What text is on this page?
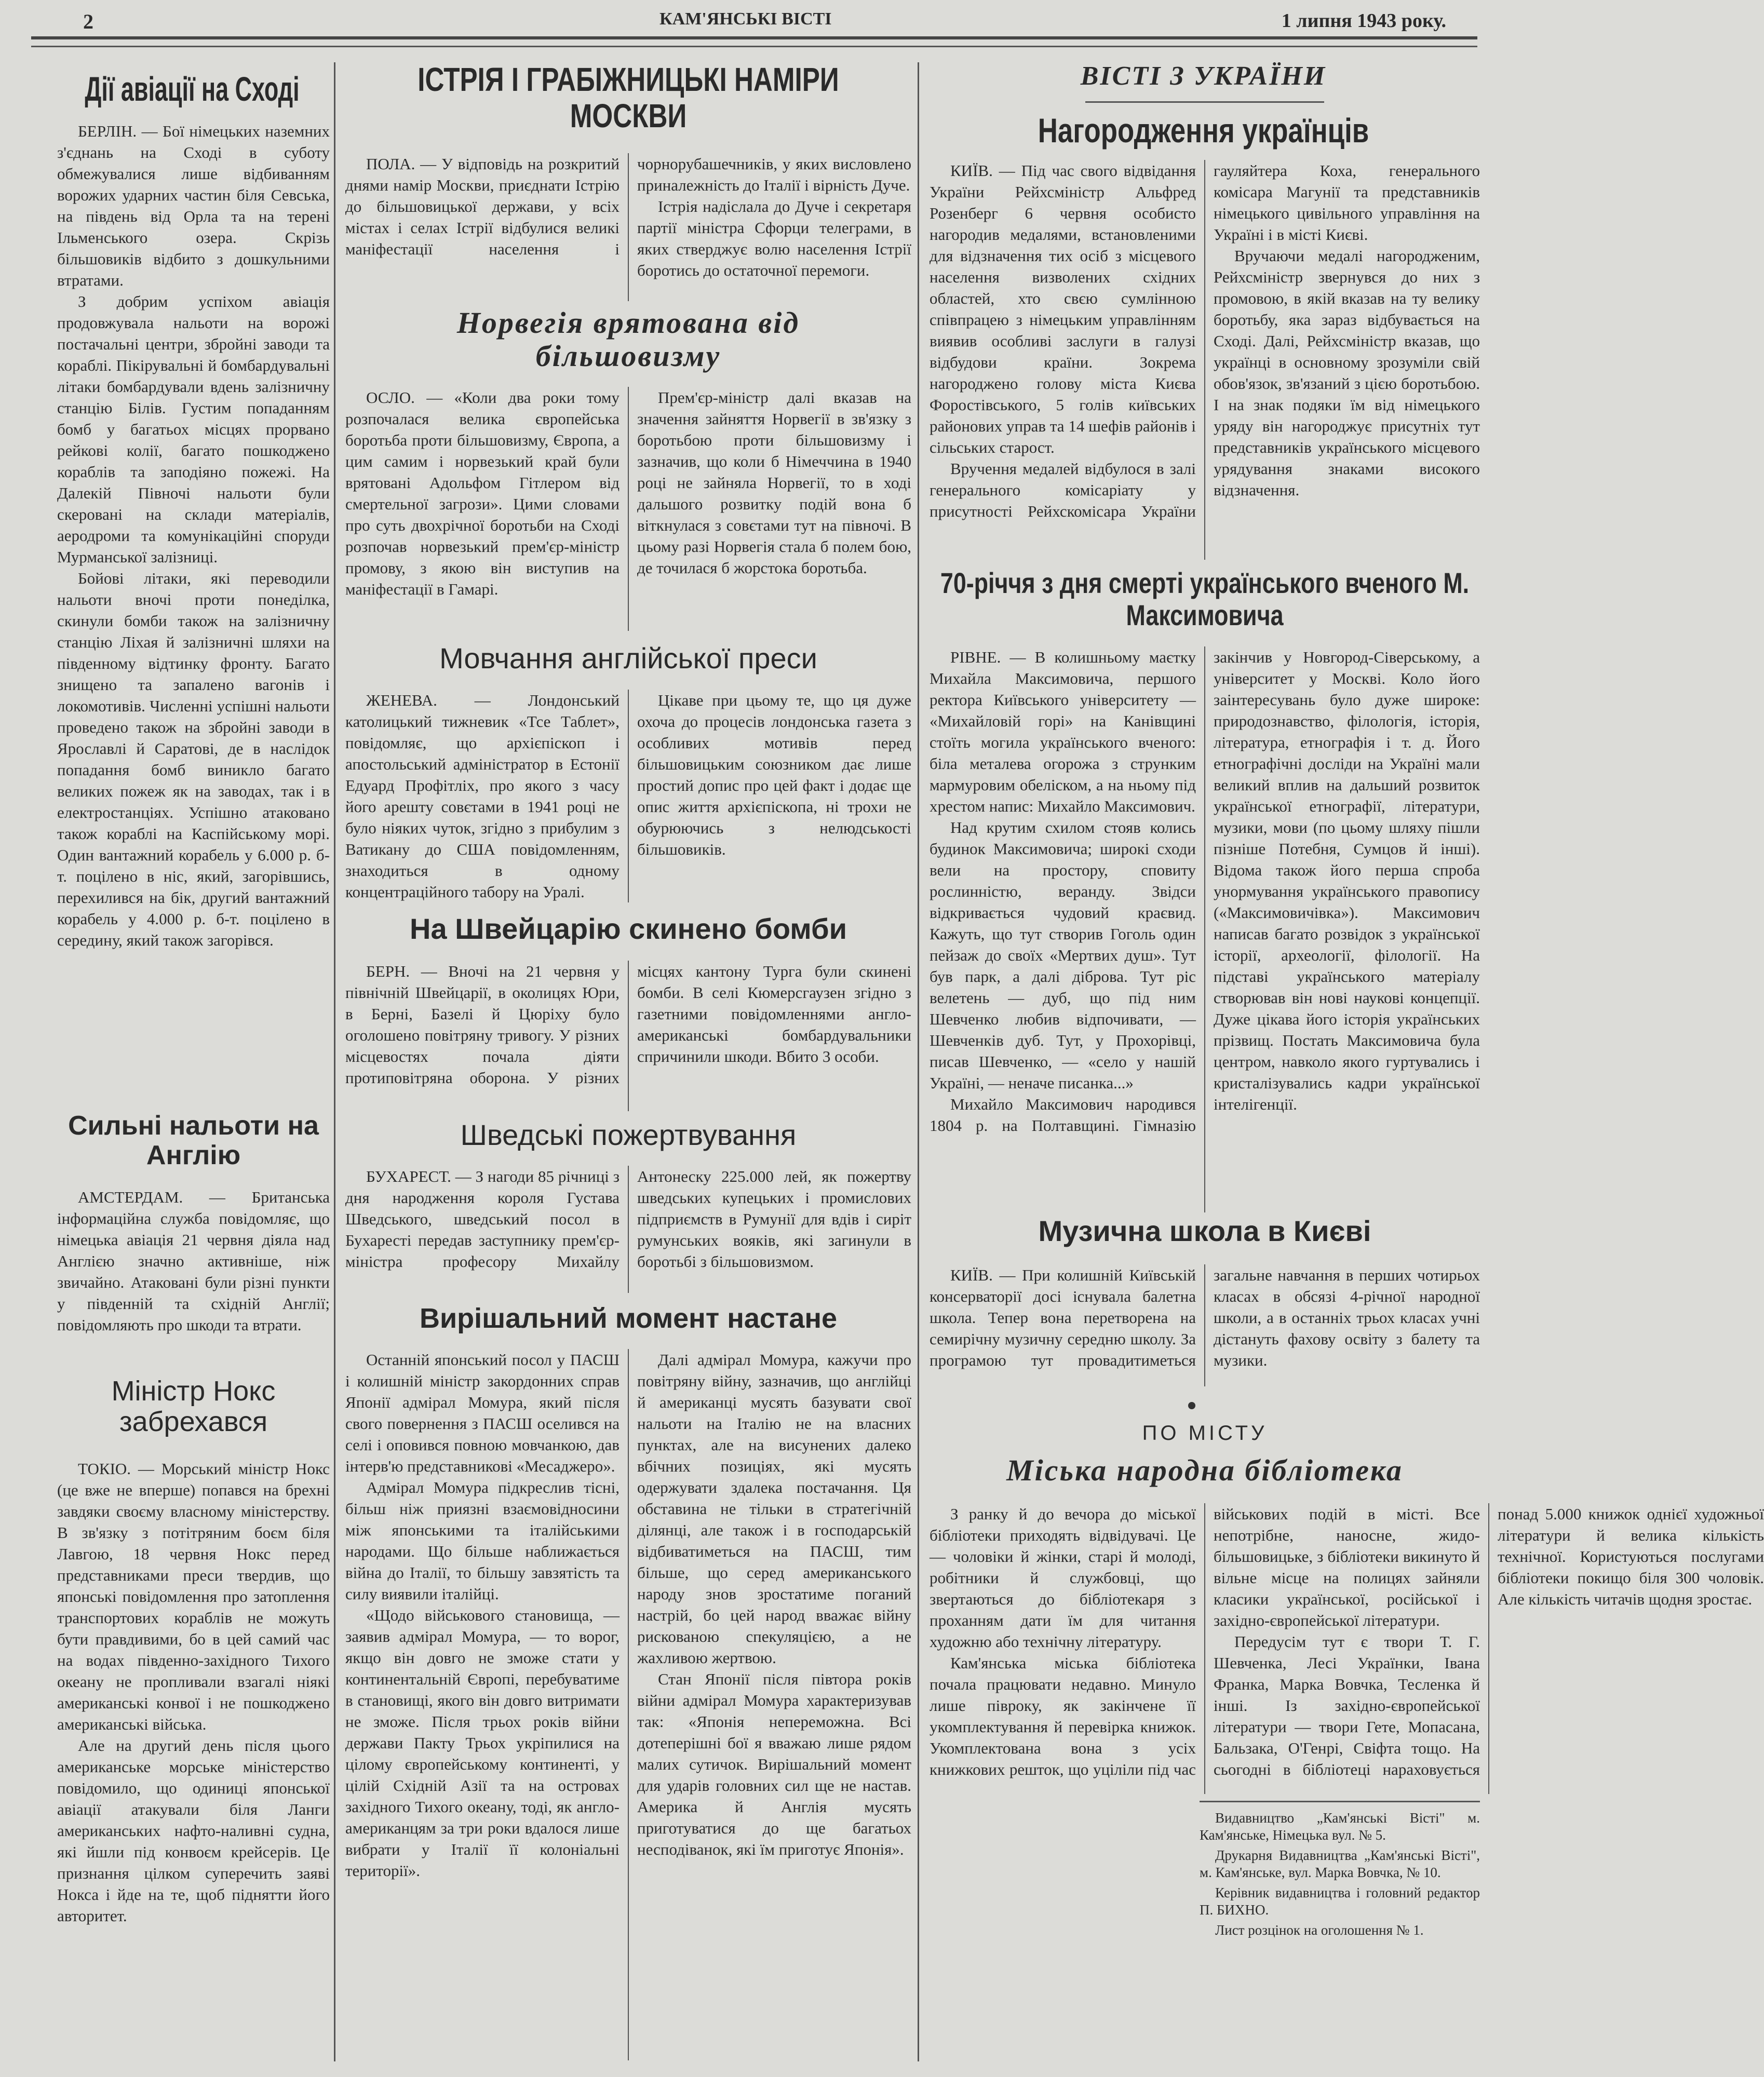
2	КАМ'ЯНСЬКІ ВІСТІ	1 липня 1943 року.
Дії авіації на Сході

БЕРЛІН. — Бої німецьких наземних з'єднань на Сході в суботу обмежувалися лише відбиванням ворожих ударних частин біля Севська, на південь від Орла та на терені Ільменського озера. Скрізь більшовиків відбито з дошкульними втратами.

З добрим успіхом авіація продовжувала нальоти на ворожі постачальні центри, збройні заводи та кораблі. Пікірувальні й бомбардувальні літаки бомбардували вдень залізничну станцію Білів. Густим попаданням бомб у багатьох місцях прорвано рейкові колії, багато пошкоджено кораблів та заподіяно пожежі. На Далекій Півночі нальоти були скеровані на склади матеріалів, аеродроми та комунікаційні споруди Мурманської залізниці.

Бойові літаки, які переводили нальоти вночі проти понеділка, скинули бомби також на залізничну станцію Ліхая й залізничні шляхи на південному відтинку фронту. Багато знищено та запалено вагонів і локомотивів. Численні успішні нальоти проведено також на збройні заводи в Ярославлі й Саратові, де в наслідок попадання бомб виникло багато великих пожеж як на заводах, так і в електростанціях. Успішно атаковано також кораблі на Каспійському морі. Один вантажний корабель у 6.000 р. б-т. поцілено в ніс, який, загорівшись, перехилився на бік, другий вантажний корабель у 4.000 р. б-т. поцілено в середину, який також загорівся.

Сильні нальоти на Англію

АМСТЕРДАМ. — Британська інформаційна служба повідомляє, що німецька авіація 21 червня діяла над Англією значно активніше, ніж звичайно. Атакованi були різні пункти у південній та східній Англії; повідомляють про шкоди та втрати.

Міністр Нокс забрехався

ТОКІО. — Морський міністр Нокс (це вже не вперше) попався на брехні завдяки своєму власному міністерству. В зв'язку з потітряним боєм біля Лавгою, 18 червня Нокс перед представниками преси твердив, що японські повідомлення про затоплення транспортових кораблів не можуть бути правдивими, бо в цей самий час на водах південно-західного Тихого океану не пропливали взагалі ніякі американські конвої і не пошкоджено американські війська.

Але на другий день після цього американське морське міністерство повідомило, що одиниці японської авіації атакували біля Ланги американських нафто-наливні судна, які йшли під конвоєм крейсерів. Це признання цілком суперечить заяві Нокса і йде на те, щоб піднятти його авторитет.

ІСТРІЯ І ГРАБІЖНИЦЬКІ НАМІРИ МОСКВИ

ПОЛА. — У відповідь на розкритий днями намір Москви, приєднати Істрію до більшовицької держави, у всіх містах і селах Істрії відбулися великі маніфестації населення і чорнорубашечників, у яких висловлено приналежність до Італії і вірність Дуче.

Істрія надіслала до Дуче і секретаря партії міністра Сфорци телеграми, в яких стверджує волю населення Істрії боротись до остаточної перемоги.

Норвегія врятована від більшовизму

ОСЛО. — «Коли два роки тому розпочалася велика європейська боротьба проти більшовизму, Європа, а цим самим і норвезький край були врятовані Адольфом Гітлером від смертельної загрози». Цими словами про суть двохрічної боротьби на Сході розпочав норвезький прем'єр-міністр промову, з якою він виступив на маніфестації в Гамарі.

Прем'єр-міністр далі вказав на значення зайняття Норвегії в зв'язку з боротьбою проти більшовизму і зазначив, що коли б Німеччина в 1940 році не зайняла Норвегії, то в ході дальшого розвитку подій вона б віткнулася з совєтами тут на півночі. В цьому разі Норвегія стала б полем бою, де точилася б жорстока боротьба.

Мовчання англійської преси

ЖЕНЕВА. — Лондонський католицький тижневик «Тсе Таблет», повідомляє, що архієпіскоп і апостольський адміністратор в Естонії Едуард Профітліх, про якого з часу його арешту совєтами в 1941 році не було ніяких чуток, згідно з прибулим з Ватикану до США повідомленням, знаходиться в одному концентраційного табору на Уралі.

Цікаве при цьому те, що ця дуже охоча до процесів лондонська газета з особливих мотивів перед більшовицьким союзником дає лише простий допис про цей факт і додає ще опис життя архієпіскопа, ні трохи не обурюючись з нелюдськості більшовиків.

На Швейцарію скинено бомби

БЕРН. — Вночі на 21 червня у північній Швейцарії, в околицях Юри, в Берні, Базелі й Цюріху було оголошено повітряну тривогу. У різних місцевостях почала діяти протиповітряна оборона. У різних місцях кантону Турга були скинені бомби. В селі Кюмерсгаузен згідно з газетними повідомленнями англо-американські бомбардувальники спричинили шкоди. Вбито 3 особи.

Шведські пожертвування

БУХАРЕСТ. — З нагоди 85 річниці з дня народження короля Густава Шведського, шведський посол в Бухаресті передав заступнику прем'єр-міністра професору Михайлу Антонеску 225.000 лей, як пожертву шведських купецьких і промислових підприємств в Румунії для вдів і сиріт румунських вояків, які загинули в боротьбі з більшовизмом.

Вирішальний момент настане

Останній японський посол у ПАСШ і колишній міністр закордонних справ Японії адмірал Момура, який після свого повернення з ПАСШ оселився на селі і оповився повною мовчанкою, дав інтерв'ю представникові «Месаджеро».

Адмірал Момура підкреслив тісні, більш ніж приязні взаємовідносини між японськими та італійськими народами. Що більше наближається війна до Італії, то більшу завзятість та силу виявили італійці.

«Щодо військового становища, — заявив адмірал Момура, — то ворог, якщо він довго не зможе стати у континентальній Європі, перебуватиме в становищі, якого він довго витримати не зможе. Після трьох років війни держави Пакту Трьох укріпилися на цілому європейському континенті, у цілій Східній Азії та на островах західного Тихого океану, тоді, як англо-американцям за три роки вдалося лише вибрати у Італії її колоніальні території».

Далі адмірал Момура, кажучи про повітряну війну, зазначив, що англійці й американці мусять базувати свої нальоти на Італію не на власних пунктах, але на висунених далеко вбічних позиціях, які мусять одержувати здалека постачання. Ця обставина не тільки в стратегічній ділянці, але також і в господарській відбиватиметься на ПАСШ, тим більше, що серед американського народу знов зростатиме поганий настрій, бо цей народ вважає війну рискованою спекуляцією, а не жахливою жертвою.

Стан Японії після півтора років війни адмірал Момура характеризував так: «Японія непереможна. Всі дотеперішні бої я вважаю лише рядом малих сутичок. Вирішальний момент для ударів головних сил ще не настав. Америка й Англія мусять приготуватися до ще багатьох несподіванок, які їм приготує Японія».

ВІСТІ З УКРАЇНИ
Нагородження українців

КИЇВ. — Під час свого відвідання України Рейхсміністр Альфред Розенберг 6 червня особисто нагородив медалями, встановленими для відзначення тих осіб з місцевого населення визволених східних областей, хто свєю сумлінною співпрацею з німецьким управлінням виявив особливі заслуги в галузі відбудови країни. Зокрема нагороджено голову міста Києва Форостівського, 5 голів київських районових управ та 14 шефів районів і сільських старост.

Вручення медалей відбулося в залі генерального комісаріату у присутності Рейхскомісара України гауляйтера Коха, генерального комісара Магунії та представників німецького цивільного управління на Україні і в місті Києві.

Вручаючи медалі нагородженим, Рейхсміністр звернувся до них з промовою, в якій вказав на ту велику боротьбу, яка зараз відбувається на Сході. Далі, Рейхсміністр вказав, що українці в основному зрозуміли свій обов'язок, зв'язаний з цією боротьбою. І на знак подяки їм від німецького уряду він нагороджує присутніх тут представників українського місцевого урядування знаками високого відзначення.

70-річчя з дня смерті українського вченого М. Максимовича

РІВНЕ. — В колишньому маєтку Михайла Максимовича, першого ректора Київського університету — «Михайловій горі» на Канівщині стоїть могила українського вченого: біла металева огорожа з струнким мармуровим обеліском, а на ньому під хрестом напис: Михайло Максимович.

Над крутим схилом стояв колись будинок Максимовича; широкі сходи вели на простору, сповиту рослинністю, веранду. Звідси відкривається чудовий краєвид. Кажуть, що тут створив Гоголь один пейзаж до своїх «Мертвих душ». Тут був парк, а далі діброва. Тут ріс велетень — дуб, що під ним Шевченко любив відпочивати, — Шевченків дуб. Тут, у Прохорівці, писав Шевченко, — «село у нашій Україні, — неначе писанка...»

Михайло Максимович народився 1804 р. на Полтавщині. Гімназію закінчив у Новгород-Сіверському, а університет у Москві. Коло його заінтересувань було дуже широке: природознавство, філологія, історія, література, етнографія і т. д. Його етнографічні досліди на Україні мали великий вплив на дальший розвиток української етнографії, літератури, музики, мови (по цьому шляху пішли пізніше Потебня, Сумцов й інші). Відома також його перша спроба унормування українського правопису («Максимовичівка»). Максимович написав багато розвідок з української історії, археології, філології. На підставі українського матеріалу створював він нові наукові концепції. Дуже цікава його історія українських прізвищ. Постать Максимовича була центром, навколо якого гуртувались і кристалізувались кадри української інтелігенції.

Музична школа в Києві

КИЇВ. — При колишній Київській консерваторії досі існувала балетна школа. Тепер вона перетворена на семирічну музичну середню школу. За програмою тут провадитиметься загальне навчання в перших чотирьох класах в обсязі 4-річної народної школи, а в останніх трьох класах учні дістануть фахову освіту з балету та музики.

ПО МІСТУ
Міська народна бібліотека

З ранку й до вечора до міської бібліотеки приходять відвідувачі. Це — чоловіки й жінки, старі й молоді, робітники й службовці, що звертаються до бібліотекаря з проханням дати їм для читання художню або технічну літературу.

Кам'янська міська бібліотека почала працювати недавно. Минуло лише півроку, як закінчене її укомплектування й перевірка книжок. Укомплектована вона з усіх книжкових решток, що уціліли під час військових подій в місті. Все непотрібне, наносне, жидо-більшовицьке, з бібліотеки викинуто й вільне місце на полицях зайняли класики української, російської і західно-європейської літератури.

Передусім тут є твори Т. Г. Шевченка, Лесі Українки, Івана Франка, Марка Вовчка, Тесленка й інші. Із західно-європейської літератури — твори Гете, Мопасана, Бальзака, О'Генрі, Свіфта тощо. На сьогодні в бібліотеці нараховується понад 5.000 книжок однієї художньої літератури й велика кількість технічної. Користуються послугами бібліотеки покищо біля 300 чоловік. Але кількість читачів щодня зростає.

Видавництво „Кам'янські Вісті" м. Кам'янське, Німецька вул. № 5.

Друкарня Видавництва „Кам'янські Вісті", м. Кам'янське, вул. Марка Вовчка, № 10.

Керівник видавництва і головний редактор П. БИХНО.

Лист розцінок на оголошення № 1.
